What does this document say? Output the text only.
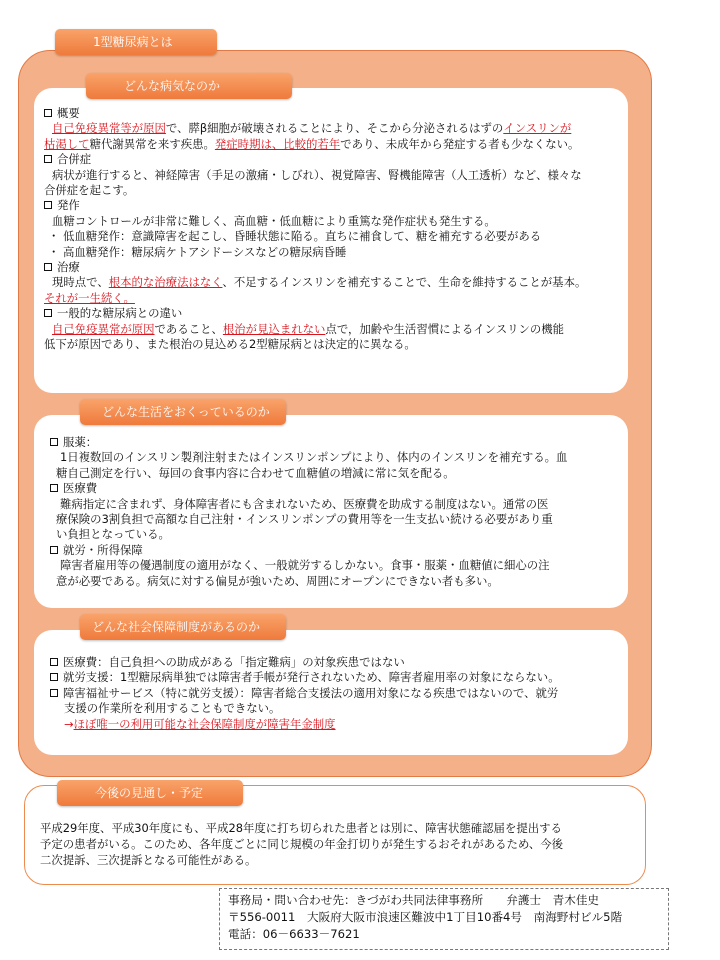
1型糖尿病とは
どんな病気なのか
概要
自己免疫異常等が原因で、膵β細胞が破壊されることにより、そこから分泌されるはずのインスリンが
枯渇して糖代謝異常を来す疾患。発症時期は、比較的若年であり、未成年から発症する者も少なくない。
合併症
病状が進行すると、神経障害（手足の激痛・しびれ）、視覚障害、腎機能障害（人工透析）など、様々な
合併症を起こす。
発作
血糖コントロールが非常に難しく、高血糖・低血糖により重篤な発作症状も発生する。
・ 低血糖発作：意識障害を起こし、昏睡状態に陥る。直ちに補食して、糖を補充する必要がある
・ 高血糖発作：糖尿病ケトアシドーシスなどの糖尿病昏睡
治療
現時点で、根本的な治療法はなく、不足するインスリンを補充することで、生命を維持することが基本。
それが一生続く。
一般的な糖尿病との違い
自己免疫異常が原因であること、根治が見込まれない点で，加齢や生活習慣によるインスリンの機能
低下が原因であり、また根治の見込める2型糖尿病とは決定的に異なる。
どんな生活をおくっているのか
服薬：
1日複数回のインスリン製剤注射またはインスリンポンプにより、体内のインスリンを補充する。血
糖自己測定を行い、毎回の食事内容に合わせて血糖値の増減に常に気を配る。
医療費
難病指定に含まれず、身体障害者にも含まれないため、医療費を助成する制度はない。通常の医
療保険の3割負担で高額な自己注射・インスリンポンプの費用等を一生支払い続ける必要があり重
い負担となっている。
就労・所得保障
障害者雇用等の優遇制度の適用がなく、一般就労するしかない。食事・服薬・血糖値に細心の注
意が必要である。病気に対する偏見が強いため、周囲にオープンにできない者も多い。
どんな社会保障制度があるのか
医療費：自己負担への助成がある「指定難病」の対象疾患ではない
就労支援：1型糖尿病単独では障害者手帳が発行されないため、障害者雇用率の対象にならない。
障害福祉サービス（特に就労支援）：障害者総合支援法の適用対象になる疾患ではないので、就労
支援の作業所を利用することもできない。
→ほぼ唯一の利用可能な社会保障制度が障害年金制度
今後の見通し・予定
平成29年度、平成30年度にも、平成28年度に打ち切られた患者とは別に、障害状態確認届を提出する
予定の患者がいる。このため、各年度ごとに同じ規模の年金打切りが発生するおそれがあるため、今後
二次提訴、三次提訴となる可能性がある。
事務局・問い合わせ先：きづがわ共同法律事務所　　弁護士　青木佳史
〒556-0011　大阪府大阪市浪速区難波中1丁目10番4号　南海野村ビル5階
電話：06－6633－7621
